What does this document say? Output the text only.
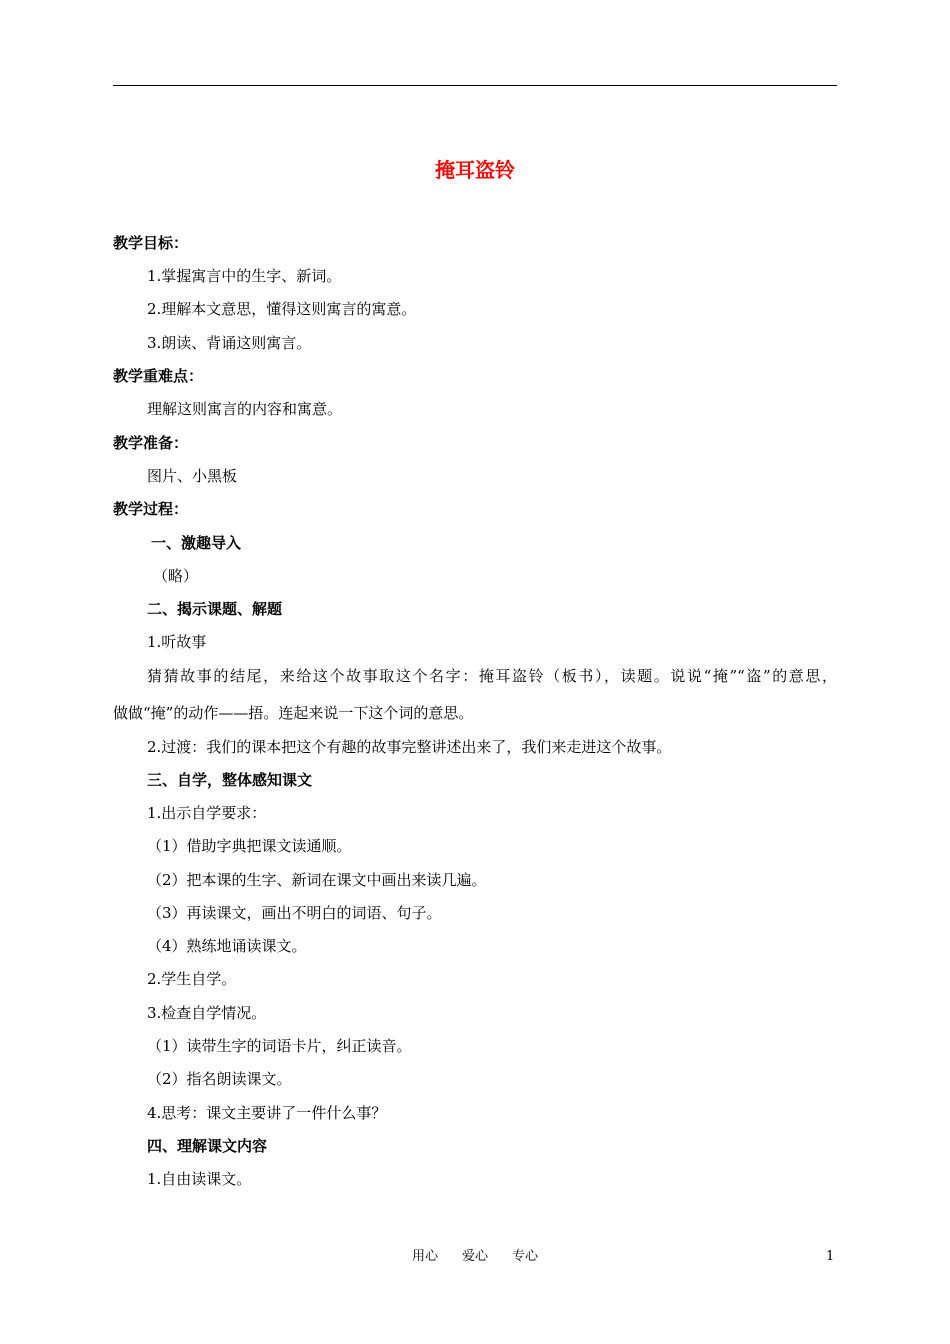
掩耳盗铃
教学目标：
1.掌握寓言中的生字、新词。
2.理解本文意思，懂得这则寓言的寓意。
3.朗读、背诵这则寓言。
教学重难点：
理解这则寓言的内容和寓意。
教学准备：
图片、小黑板
教学过程：
一、激趣导入
（略）
二、揭示课题、解题
1.听故事
猜猜故事的结尾，来给这个故事取这个名字：掩耳盗铃（板书），读题。说说“掩”“盗”的意思，
做做“掩”的动作——捂。连起来说一下这个词的意思。
2.过渡：我们的课本把这个有趣的故事完整讲述出来了，我们来走进这个故事。
三、自学，整体感知课文
1.出示自学要求：
（1）借助字典把课文读通顺。
（2）把本课的生字、新词在课文中画出来读几遍。
（3）再读课文，画出不明白的词语、句子。
（4）熟练地诵读课文。
2.学生自学。
3.检查自学情况。
（1）读带生字的词语卡片，纠正读音。
（2）指名朗读课文。
4.思考：课文主要讲了一件什么事？
四、理解课文内容
1.自由读课文。
用心 爱心 专心	1
